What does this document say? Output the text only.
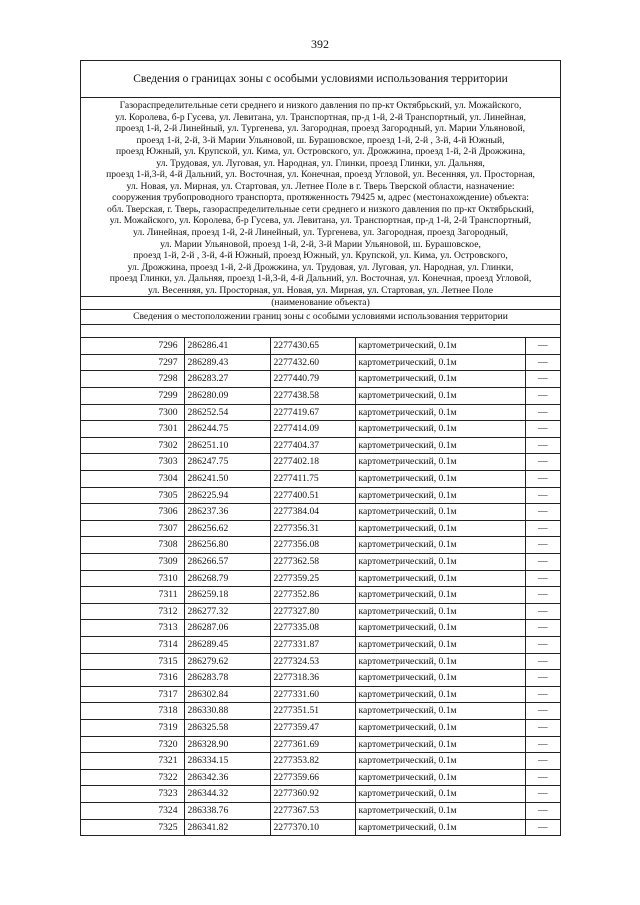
392
Сведения о границах зоны с особыми условиями использования территории
Газораспределительные сети среднего и низкого давления по пр-кт Октябрьский, ул. Можайского,
ул. Королева, б-р Гусева, ул. Левитана, ул. Транспортная, пр-д 1-й, 2-й Транспортный, ул. Линейная,
проезд 1-й, 2-й Линейный, ул. Тургенева, ул. Загородная, проезд Загородный, ул. Марии Ульяновой,
проезд 1-й, 2-й, 3-й Марии Ульяновой, ш. Бурашовское, проезд 1-й, 2-й , 3-й, 4-й Южный,
проезд Южный, ул. Крупской, ул. Кима, ул. Островского, ул. Дрожжина, проезд 1-й, 2-й Дрожжина,
ул. Трудовая, ул. Луговая, ул. Народная, ул. Глинки, проезд Глинки, ул. Дальняя,
проезд 1-й,3-й, 4-й Дальний, ул. Восточная, ул. Конечная, проезд Угловой, ул. Весенняя, ул. Просторная,
ул. Новая, ул. Мирная, ул. Стартовая, ул. Летнее Поле в г. Тверь Тверской области, назначение:
сооружения трубопроводного транспорта, протяженность 79425 м, адрес (местонахождение) объекта:
обл. Тверская, г. Тверь, газораспределительные сети среднего и низкого давления по пр-кт Октябрьский,
ул. Можайского, ул. Королева, б-р Гусева, ул. Левитана, ул. Транспортная, пр-д 1-й, 2-й Транспортный,
ул. Линейная, проезд 1-й, 2-й Линейный, ул. Тургенева, ул. Загородная, проезд Загородный,
ул. Марии Ульяновой, проезд 1-й, 2-й, 3-й Марии Ульяновой, ш. Бурашовское,
проезд 1-й, 2-й , 3-й, 4-й Южный, проезд Южный, ул. Крупской, ул. Кима, ул. Островского,
ул. Дрожжина, проезд 1-й, 2-й Дрожжина, ул. Трудовая, ул. Луговая, ул. Народная, ул. Глинки,
проезд Глинки, ул. Дальняя, проезд 1-й,3-й, 4-й Дальний, ул. Восточная, ул. Конечная, проезд Угловой,
ул. Весенняя, ул. Просторная, ул. Новая, ул. Мирная, ул. Стартовая, ул. Летнее Поле
(наименование объекта)
Сведения о местоположении границ зоны с особыми условиями использования территории
7296	286286.41	2277430.65	картометрический, 0.1м	—
7297	286289.43	2277432.60	картометрический, 0.1м	—
7298	286283.27	2277440.79	картометрический, 0.1м	—
7299	286280.09	2277438.58	картометрический, 0.1м	—
7300	286252.54	2277419.67	картометрический, 0.1м	—
7301	286244.75	2277414.09	картометрический, 0.1м	—
7302	286251.10	2277404.37	картометрический, 0.1м	—
7303	286247.75	2277402.18	картометрический, 0.1м	—
7304	286241.50	2277411.75	картометрический, 0.1м	—
7305	286225.94	2277400.51	картометрический, 0.1м	—
7306	286237.36	2277384.04	картометрический, 0.1м	—
7307	286256.62	2277356.31	картометрический, 0.1м	—
7308	286256.80	2277356.08	картометрический, 0.1м	—
7309	286266.57	2277362.58	картометрический, 0.1м	—
7310	286268.79	2277359.25	картометрический, 0.1м	—
7311	286259.18	2277352.86	картометрический, 0.1м	—
7312	286277.32	2277327.80	картометрический, 0.1м	—
7313	286287.06	2277335.08	картометрический, 0.1м	—
7314	286289.45	2277331.87	картометрический, 0.1м	—
7315	286279.62	2277324.53	картометрический, 0.1м	—
7316	286283.78	2277318.36	картометрический, 0.1м	—
7317	286302.84	2277331.60	картометрический, 0.1м	—
7318	286330.88	2277351.51	картометрический, 0.1м	—
7319	286325.58	2277359.47	картометрический, 0.1м	—
7320	286328.90	2277361.69	картометрический, 0.1м	—
7321	286334.15	2277353.82	картометрический, 0.1м	—
7322	286342.36	2277359.66	картометрический, 0.1м	—
7323	286344.32	2277360.92	картометрический, 0.1м	—
7324	286338.76	2277367.53	картометрический, 0.1м	—
7325	286341.82	2277370.10	картометрический, 0.1м	—
